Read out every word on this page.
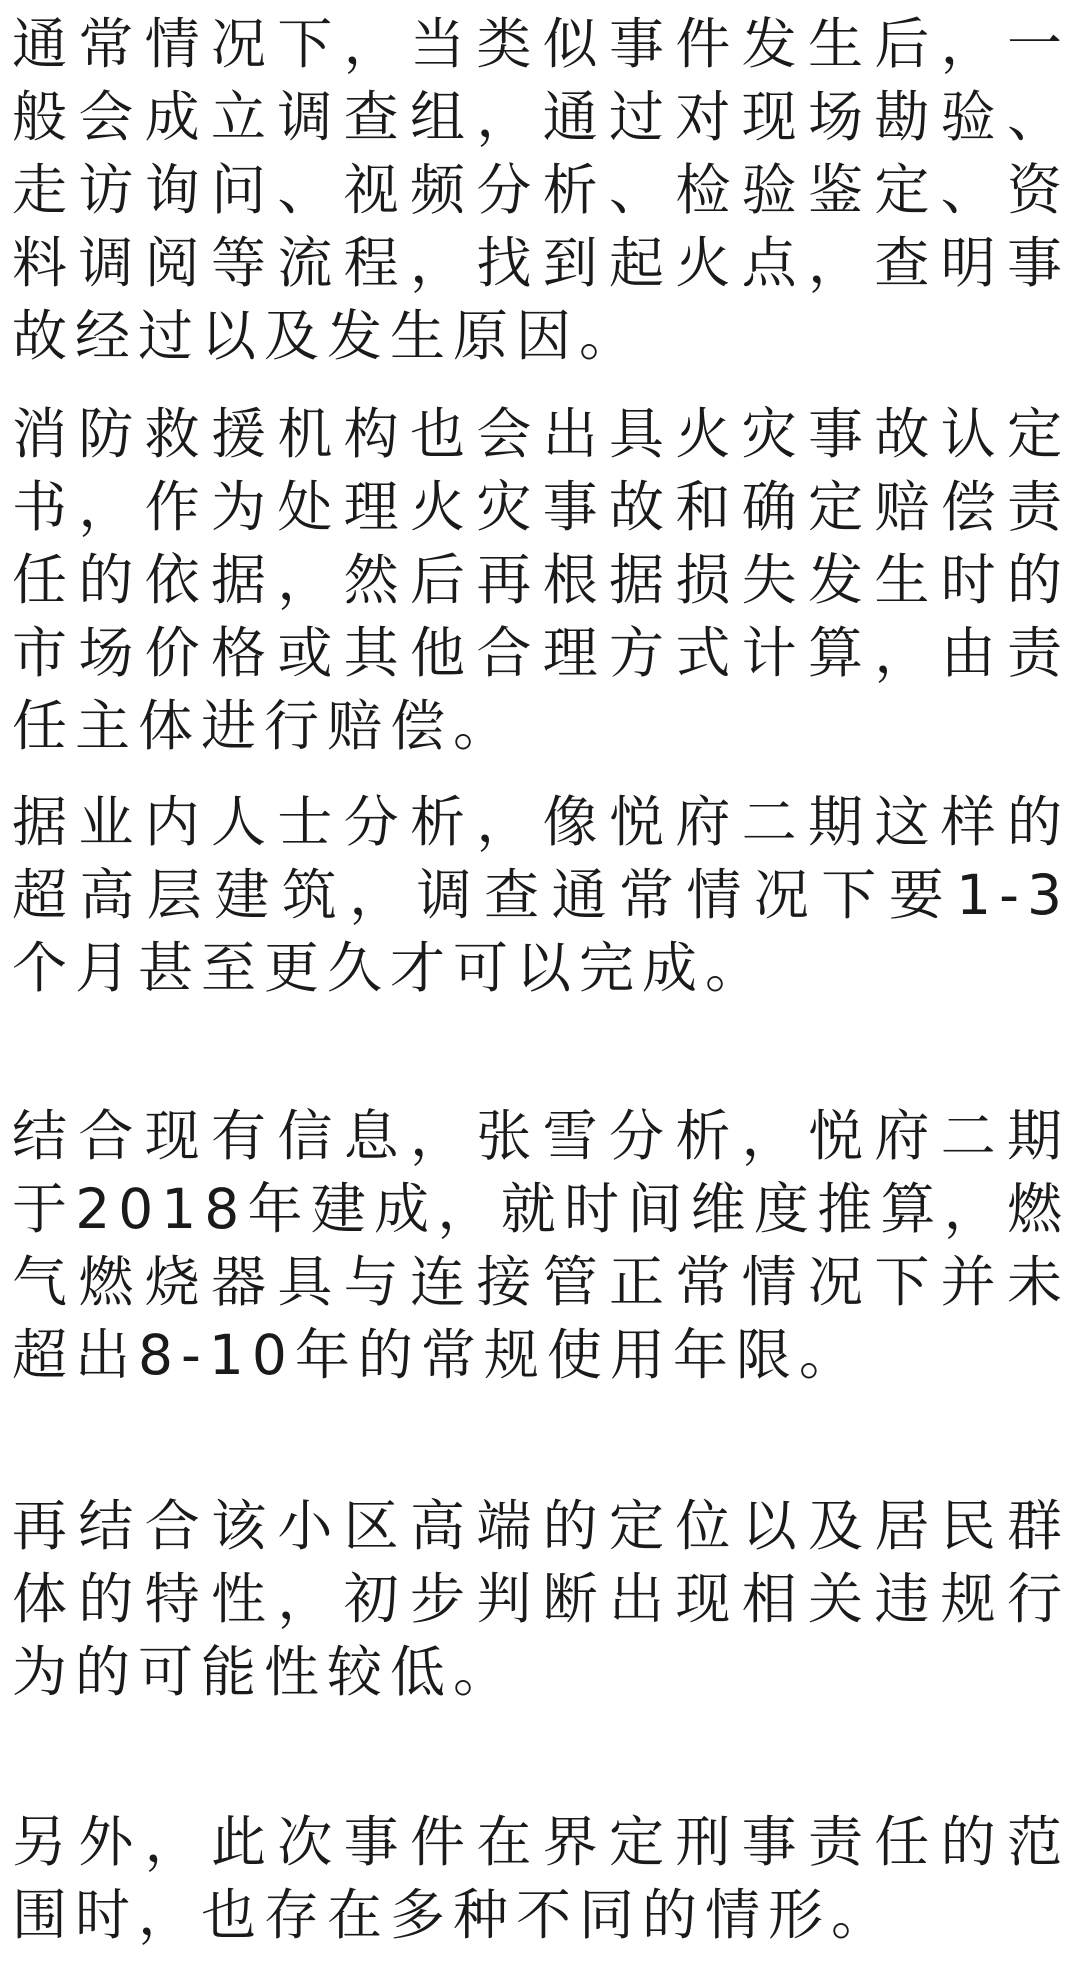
通常情况下，当类似事件发生后，一般会成立调查组，通过对现场勘验、走访询问、视频分析、检验鉴定、资料调阅等流程，找到起火点，查明事故经过以及发生原因。

消防救援机构也会出具火灾事故认定书，作为处理火灾事故和确定赔偿责任的依据，然后再根据损失发生时的市场价格或其他合理方式计算，由责任主体进行赔偿。

据业内人士分析，像悦府二期这样的超高层建筑，调查通常情况下要1-3个月甚至更久才可以完成。

结合现有信息，张雪分析，悦府二期于2018年建成，就时间维度推算，燃气燃烧器具与连接管正常情况下并未超出8-10年的常规使用年限。

再结合该小区高端的定位以及居民群体的特性，初步判断出现相关违规行为的可能性较低。

另外，此次事件在界定刑事责任的范围时，也存在多种不同的情形。
